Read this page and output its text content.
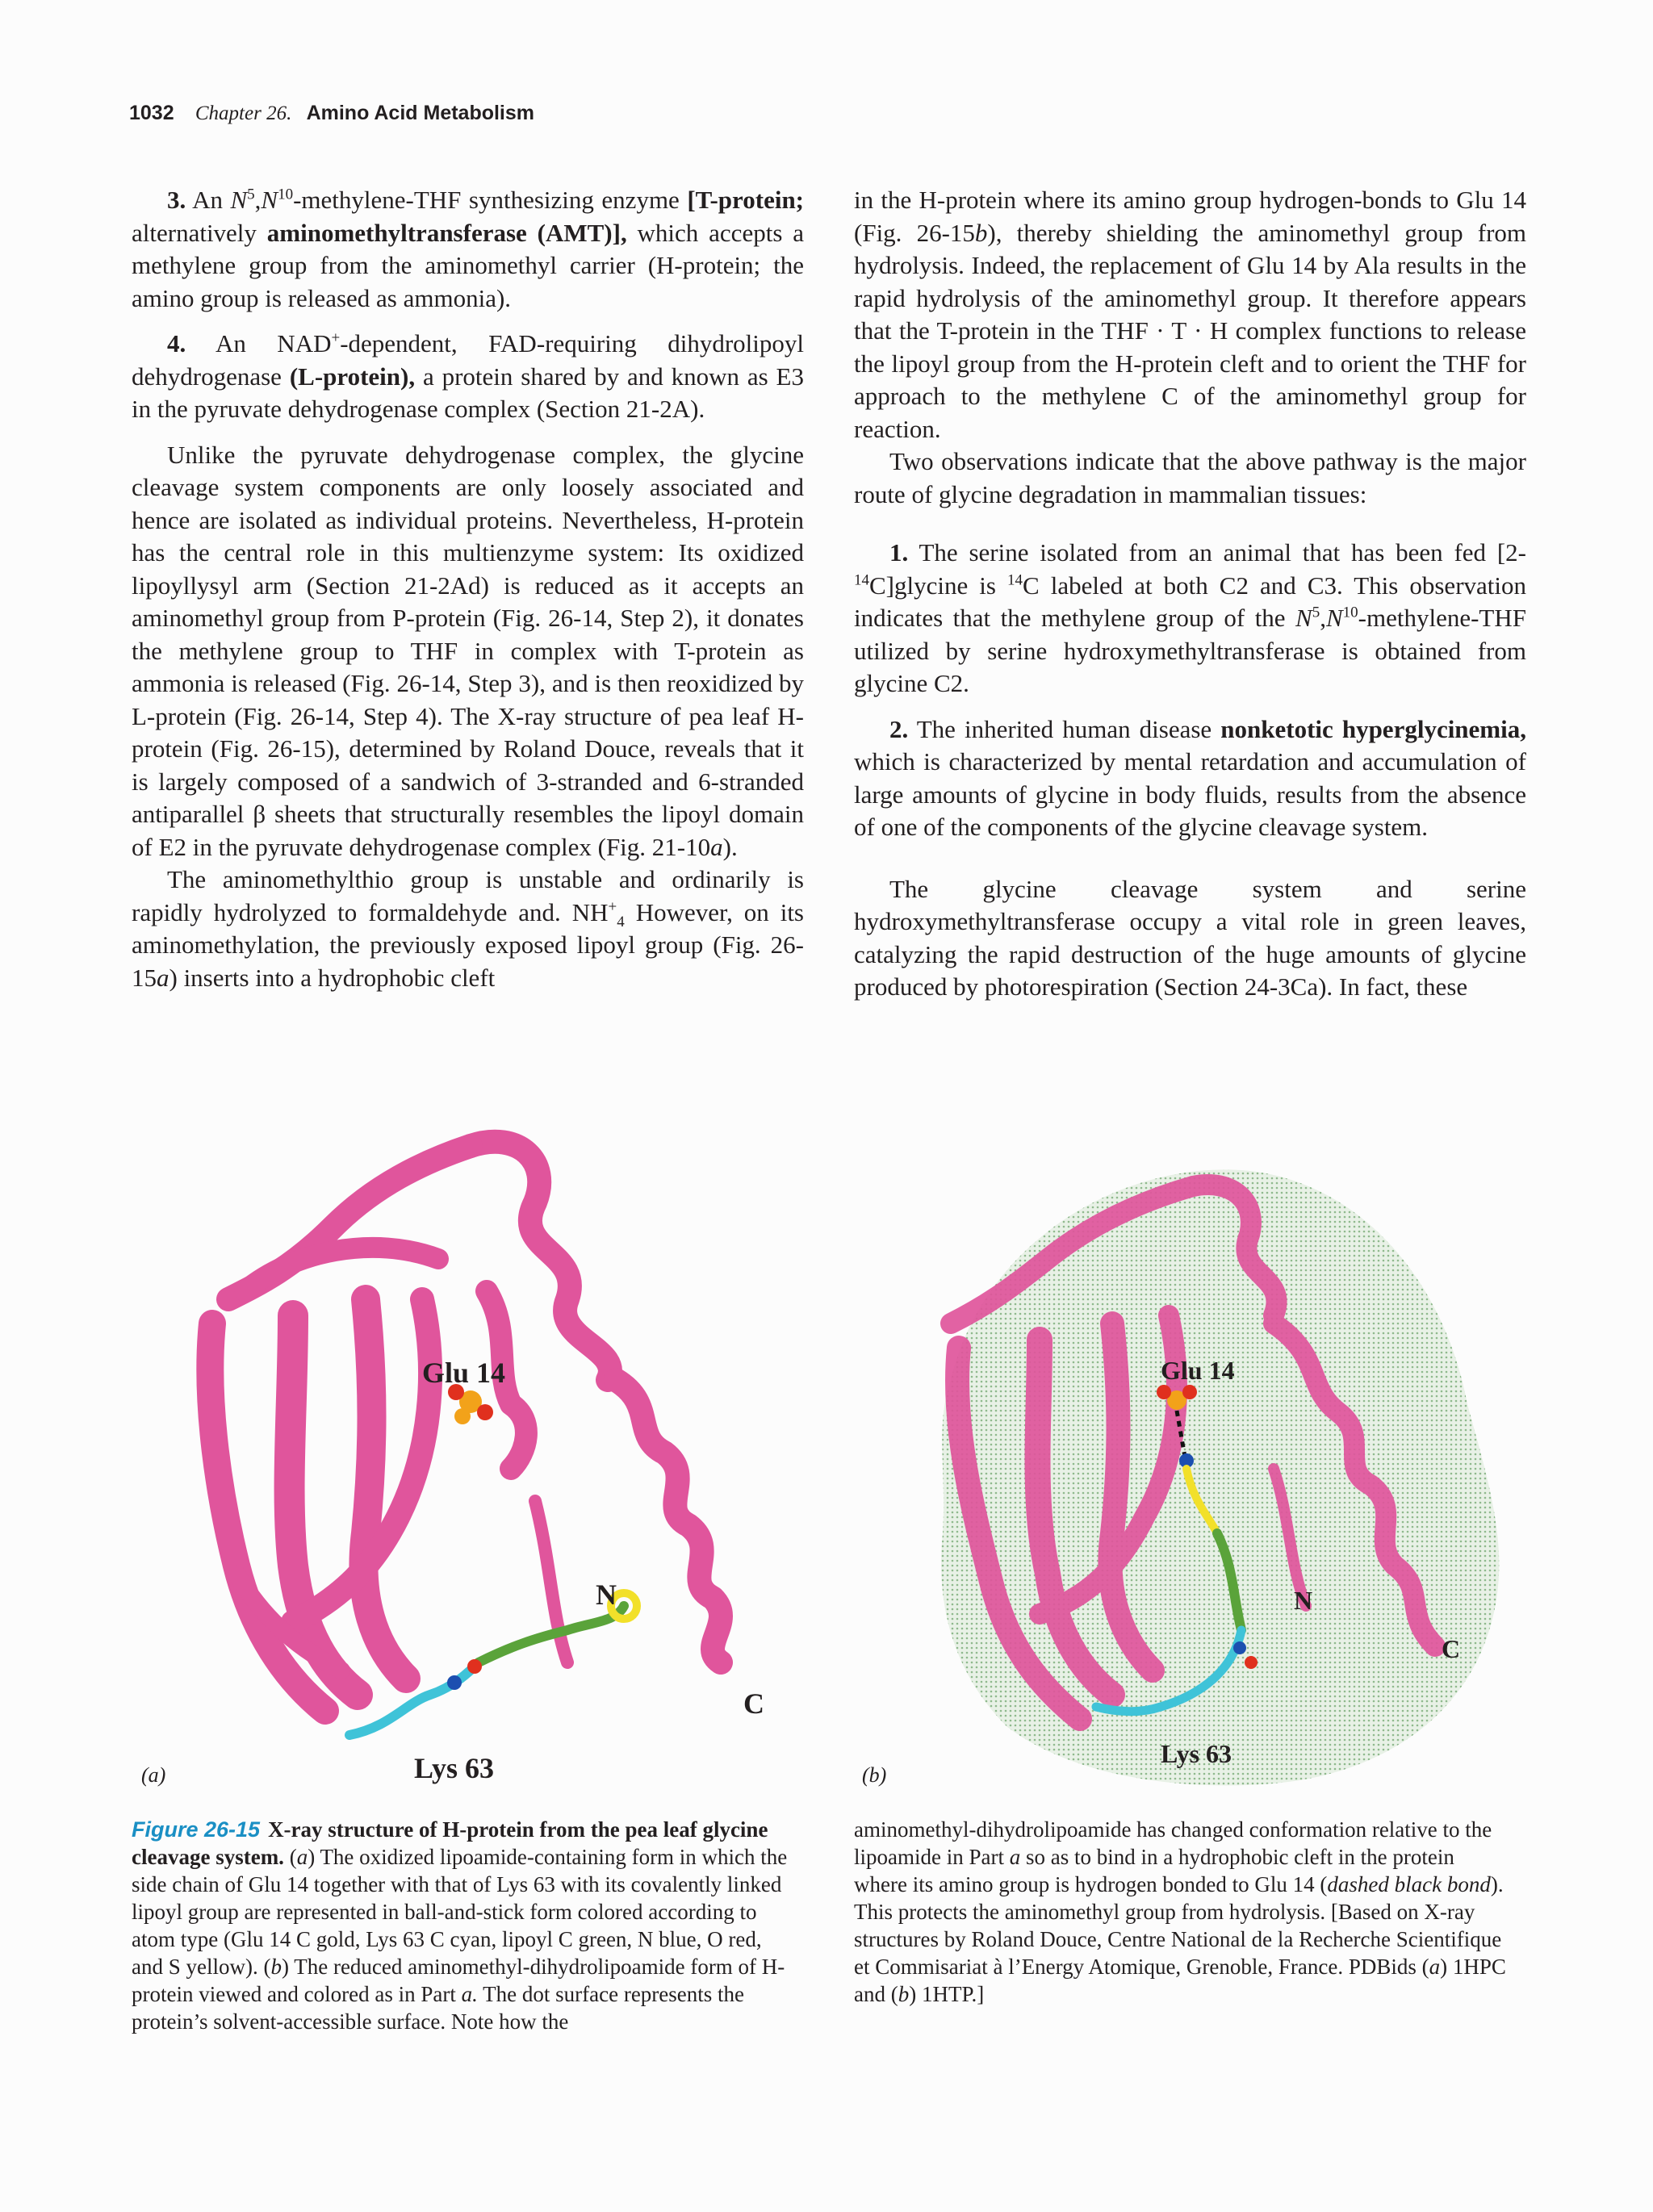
1032 Chapter 26. Amino Acid Metabolism

3. An $N^5,N^{10}-methylene$-THF synthesizing enzyme [T-protein; alternatively aminomethyltransferase (AMT)], which accepts a methylene group from the aminomethyl carrier (H-protein; the amino group is released as ammonia).

4. An NAD+-dependent, FAD-requiring dihydrolipoyl dehydrogenase (L-protein), a protein shared by and known as E3 in the pyruvate dehydrogenase complex (Section 21-2A).

Unlike the pyruvate dehydrogenase complex, the glycine cleavage system components are only loosely associated and hence are isolated as individual proteins. Nevertheless, H-protein has the central role in this multienzyme system: Its oxidized lipoyllysyl arm (Section 21-2Ad) is reduced as it accepts an aminomethyl group from P-protein (Fig. 26-14, Step 2), it donates the methylene group to THF in complex with T-protein as ammonia is released (Fig. 26-14, Step 3), and is then reoxidized by L-protein (Fig. 26-14, Step 4). The X-ray structure of pea leaf H-protein (Fig. 26-15), determined by Roland Douce, reveals that it is largely composed of a sandwich of 3-stranded and 6-stranded antiparallel β sheets that structurally resembles the lipoyl domain of E2 in the pyruvate dehydrogenase complex (Fig. 21-10a).

The aminomethylthio group is unstable and ordinarily is rapidly hydrolyzed to formaldehyde and. $NH^+_4$ However, on its aminomethylation, the previously exposed lipoyl group (Fig. 26-15a) inserts into a hydrophobic cleft

in the H-protein where its amino group hydrogen-bonds to Glu 14 (Fig. 26-15b), thereby shielding the aminomethyl group from hydrolysis. Indeed, the replacement of Glu 14 by Ala results in the rapid hydrolysis of the aminomethyl group. It therefore appears that the T-protein in the THF · T · H complex functions to release the lipoyl group from the H-protein cleft and to orient the THF for approach to the methylene C of the aminomethyl group for reaction.

Two observations indicate that the above pathway is the major route of glycine degradation in mammalian tissues:

1. The serine isolated from an animal that has been fed [2-$^{14}$C]glycine is $^{14}$C labeled at both C2 and C3. This observation indicates that the methylene group of the $N^5,N^{10}-methylene$-THF utilized by serine hydroxymethyltransferase is obtained from glycine C2.

2. The inherited human disease nonketotic hyperglycinemia, which is characterized by mental retardation and accumulation of large amounts of glycine in body fluids, results from the absence of one of the components of the glycine cleavage system.

The glycine cleavage system and serine hydroxymethyltransferase occupy a vital role in green leaves, catalyzing the rapid destruction of the huge amounts of glycine produced by photorespiration (Section 24-3Ca). In fact, these

Glu 14
N
C
Lys 63
(a)
Glu 14
N
C
Lys 63
(b)
Figure 26-15 X-ray structure of H-protein from the pea leaf glycine cleavage system. (a) The oxidized lipoamide-containing form in which the side chain of Glu 14 together with that of Lys 63 with its covalently linked lipoyl group are represented in ball-and-stick form colored according to atom type (Glu 14 C gold, Lys 63 C cyan, lipoyl C green, N blue, O red, and S yellow). (b) The reduced aminomethyl-dihydrolipoamide form of H-protein viewed and colored as in Part a. The dot surface represents the protein’s solvent-accessible surface. Note how the
aminomethyl-dihydrolipoamide has changed conformation relative to the lipoamide in Part a so as to bind in a hydrophobic cleft in the protein where its amino group is hydrogen bonded to Glu 14 (dashed black bond). This protects the aminomethyl group from hydrolysis. [Based on X-ray structures by Roland Douce, Centre National de la Recherche Scientifique et Commisariat à l’Energy Atomique, Grenoble, France. PDBids (a) 1HPC and (b) 1HTP.]
